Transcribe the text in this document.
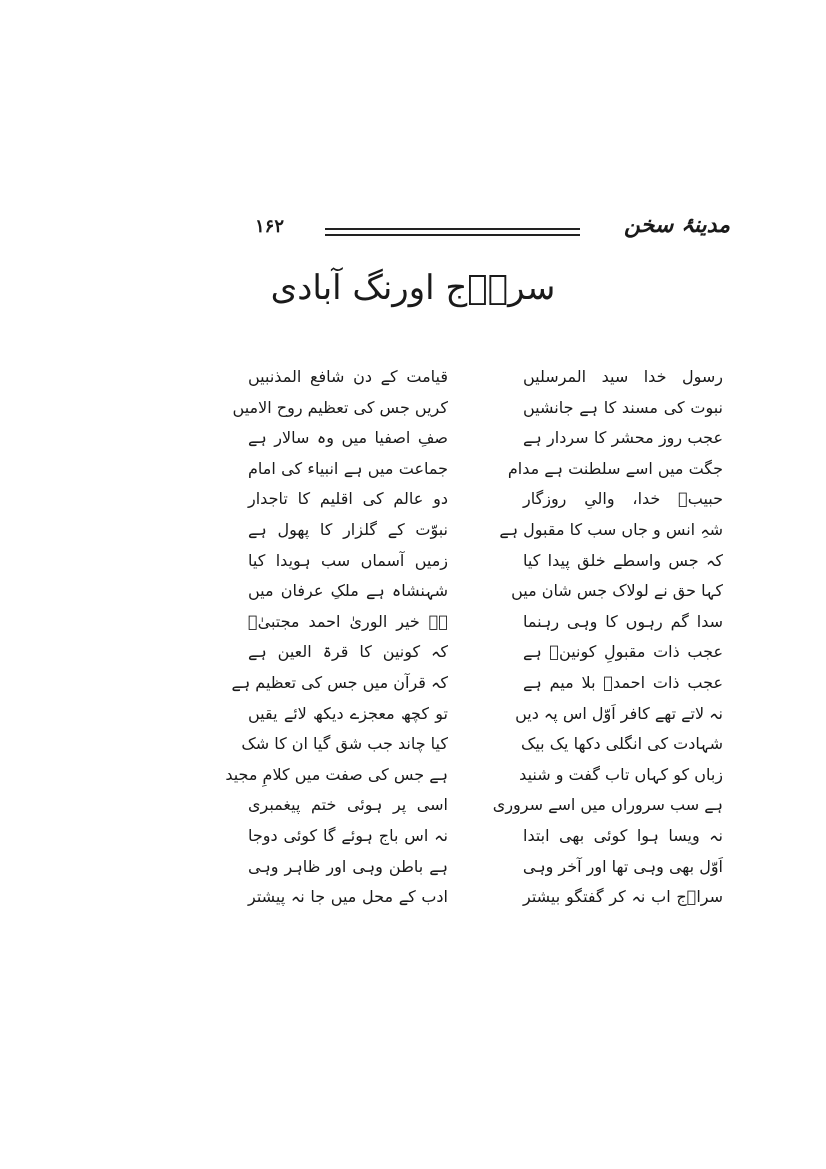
۱۶۲	مدینۂ سخن
سراؔج اورنگ آبادی
رسول خدا سید المرسلیں
نبوت کی مسند کا ہے جانشیں
عجب روز محشر کا سردار ہے
جگت میں اسے سلطنت ہے مدام
حبیبؐ خدا، والیِ روزگار
شہِ انس و جاں سب کا مقبول ہے
کہ جس واسطے خلق پیدا کیا
کہا حق نے لولاک جس شان میں
سدا گم رہوں کا وہی رہنما
عجب ذات مقبولِ کونینؐ ہے
عجب ذات احمدؐ بلا میم ہے
نہ لاتے تھے کافر اَوّل اس پہ دیں
شہادت کی انگلی دکھا یک بیک
زباں کو کہاں تاب گفت و شنید
ہے سب سروراں میں اسے سروری
نہ ویسا ہوا کوئی بھی ابتدا
اَوّل بھی وہی تھا اور آخر وہی
سراؔج اب نہ کر گفتگو بیشتر
قیامت کے دن شافع المذنبیں
کریں جس کی تعظیم روح الامیں
صفِ اصفیا میں وہ سالار ہے
جماعت میں ہے انبیاء کی امام
دو عالم کی اقلیم کا تاجدار
نبوّت کے گلزار کا پھول ہے
زمیں آسماں سب ہویدا کیا
شہنشاہ ہے ملکِ عرفان میں
ہے خیر الوریٰ احمد مجتبیٰؐ
کہ کونین کا قرۃ العین ہے
کہ قرآن میں جس کی تعظیم ہے
تو کچھ معجزے دیکھ لائے یقیں
کیا چاند جب شق گیا ان کا شک
ہے جس کی صفت میں کلامِ مجید
اسی پر ہوئی ختم پیغمبری
نہ اس باج ہوئے گا کوئی دوجا
ہے باطن وہی اور ظاہر وہی
ادب کے محل میں جا نہ پیشتر
